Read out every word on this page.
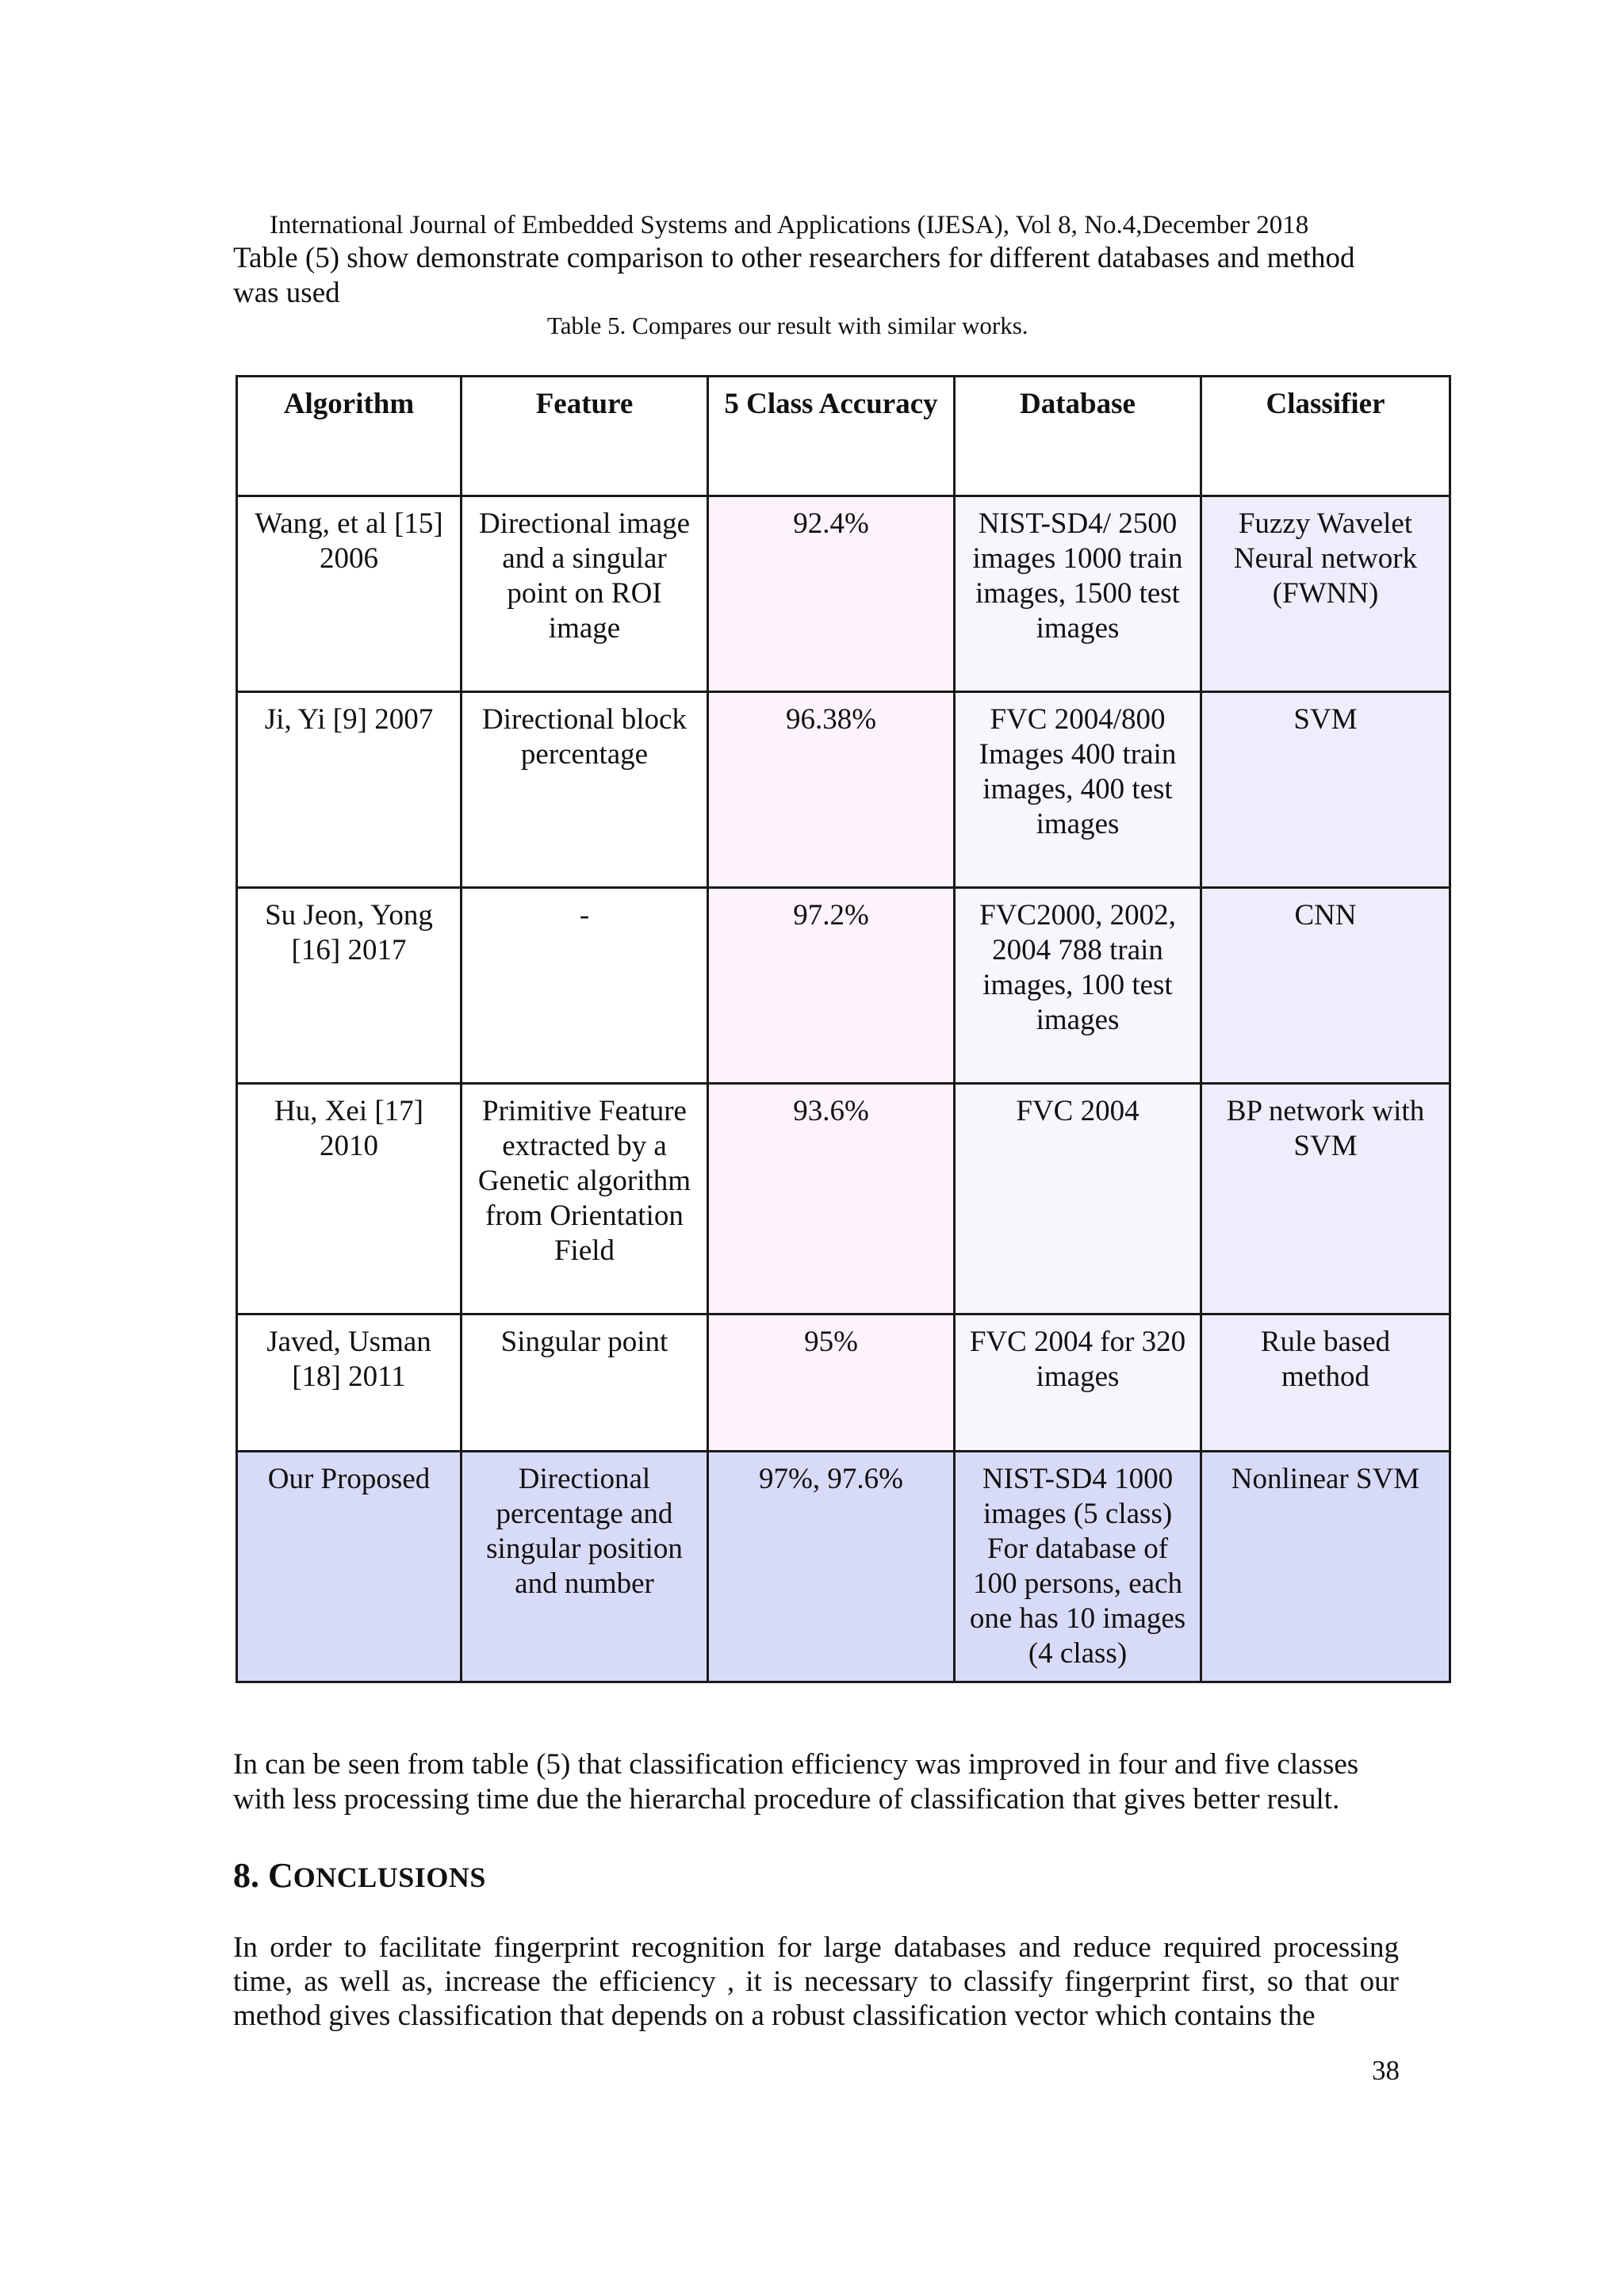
International Journal of Embedded Systems and Applications (IJESA), Vol 8, No.4,December 2018
Table (5) show demonstrate comparison to other researchers for different databases and method was used
Table 5. Compares our result with similar works.
Algorithm	Feature	5 Class Accuracy	Database	Classifier
Wang, et al [15] 2006	Directional image and a singular point on ROI image	92.4%	NIST-SD4/ 2500 images 1000 train images, 1500 test images	Fuzzy Wavelet Neural network (FWNN)
Ji, Yi [9] 2007	Directional block percentage	96.38%	FVC 2004/800 Images 400 train images, 400 test images	SVM
Su Jeon, Yong [16] 2017	-	97.2%	FVC2000, 2002, 2004 788 train images, 100 test images	CNN
Hu, Xei [17] 2010	Primitive Feature extracted by a Genetic algorithm from Orientation Field	93.6%	FVC 2004	BP network with SVM
Javed, Usman [18] 2011	Singular point	95%	FVC 2004 for 320 images	Rule based method
Our Proposed	Directional percentage and singular position and number	97%, 97.6%	NIST-SD4 1000 images (5 class) For database of 100 persons, each one has 10 images (4 class)	Nonlinear SVM
In can be seen from table (5) that classification efficiency was improved in four and five classes with less processing time due the hierarchal procedure of classification that gives better result.
8. CONCLUSIONS
In order to facilitate fingerprint recognition for large databases and reduce required processing time, as well as, increase the efficiency , it is necessary to classify fingerprint first, so that our method gives classification that depends on a robust classification vector which contains the
38
